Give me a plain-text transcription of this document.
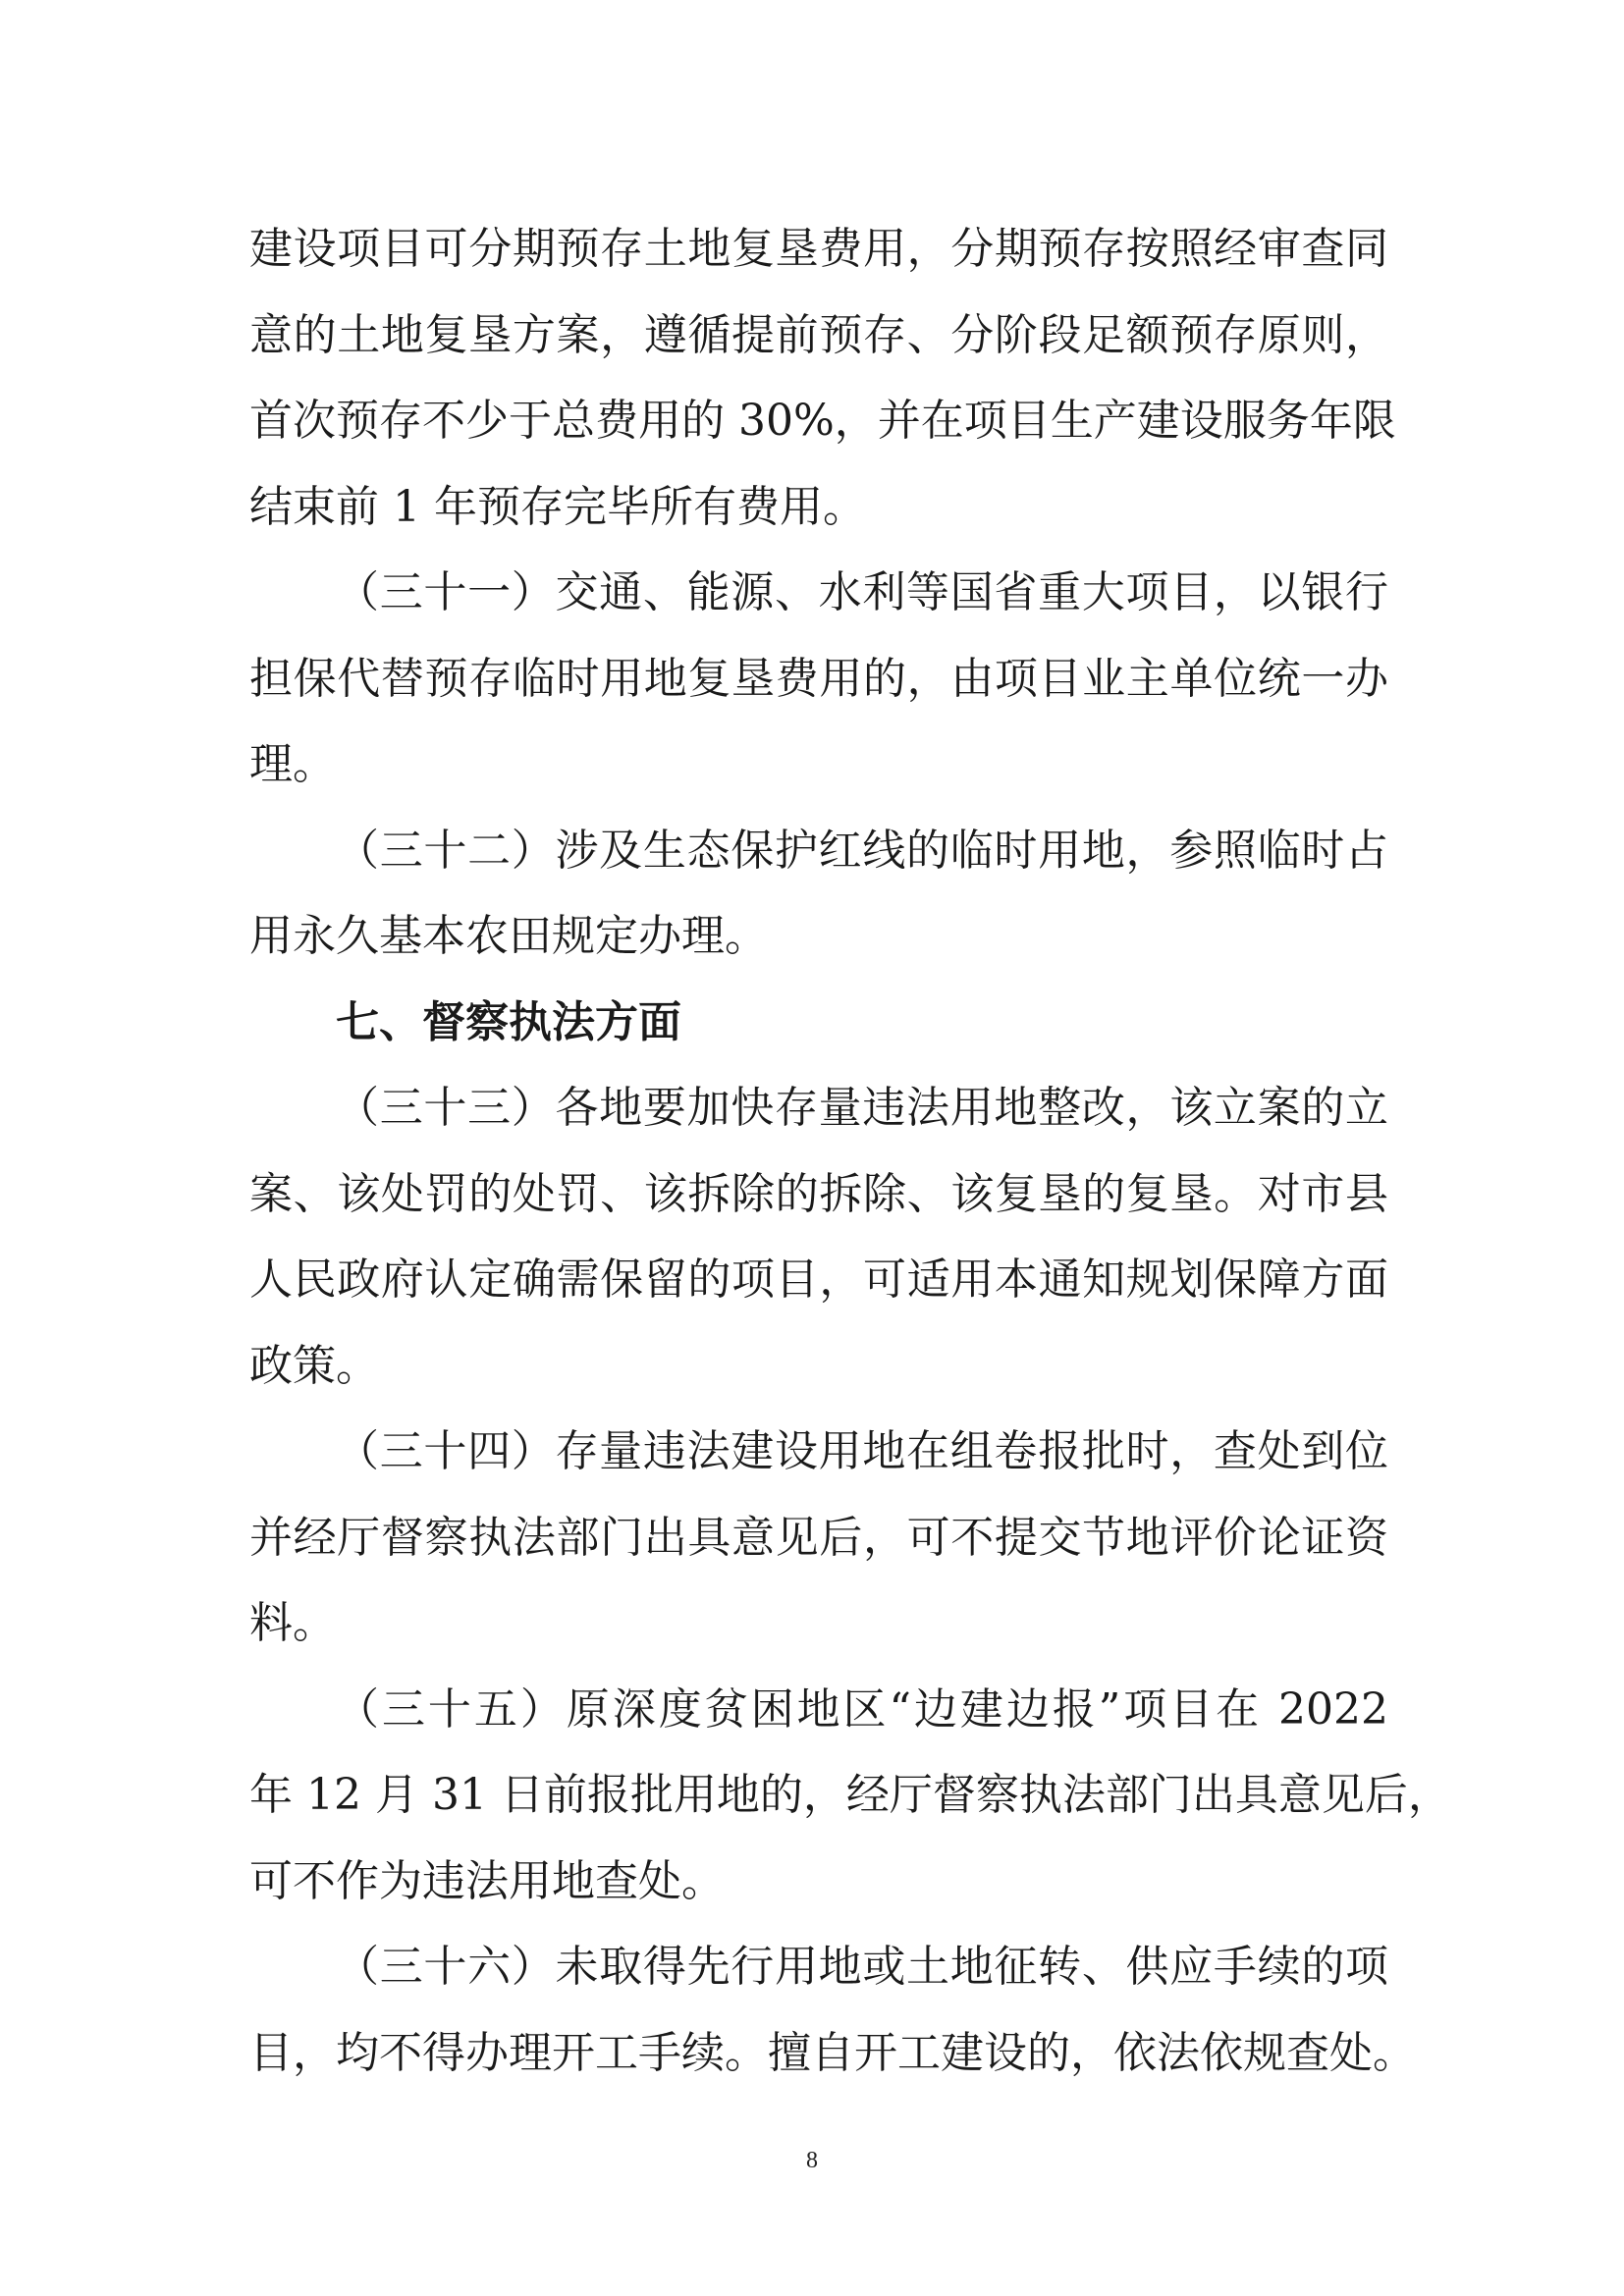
建设项目可分期预存土地复垦费用，分期预存按照经审查同
意的土地复垦方案，遵循提前预存、分阶段足额预存原则，
首次预存不少于总费用的 30%，并在项目生产建设服务年限
结束前 1 年预存完毕所有费用。
（三十一）交通、能源、水利等国省重大项目，以银行
担保代替预存临时用地复垦费用的，由项目业主单位统一办
理。
（三十二）涉及生态保护红线的临时用地，参照临时占
用永久基本农田规定办理。
七、督察执法方面
（三十三）各地要加快存量违法用地整改，该立案的立
案、该处罚的处罚、该拆除的拆除、该复垦的复垦。对市县
人民政府认定确需保留的项目，可适用本通知规划保障方面
政策。
（三十四）存量违法建设用地在组卷报批时，查处到位
并经厅督察执法部门出具意见后，可不提交节地评价论证资
料。
（三十五）原深度贫困地区“边建边报”项目在 2022
年 12 月 31 日前报批用地的，经厅督察执法部门出具意见后，
可不作为违法用地查处。
（三十六）未取得先行用地或土地征转、供应手续的项
目，均不得办理开工手续。擅自开工建设的，依法依规查处。
8
